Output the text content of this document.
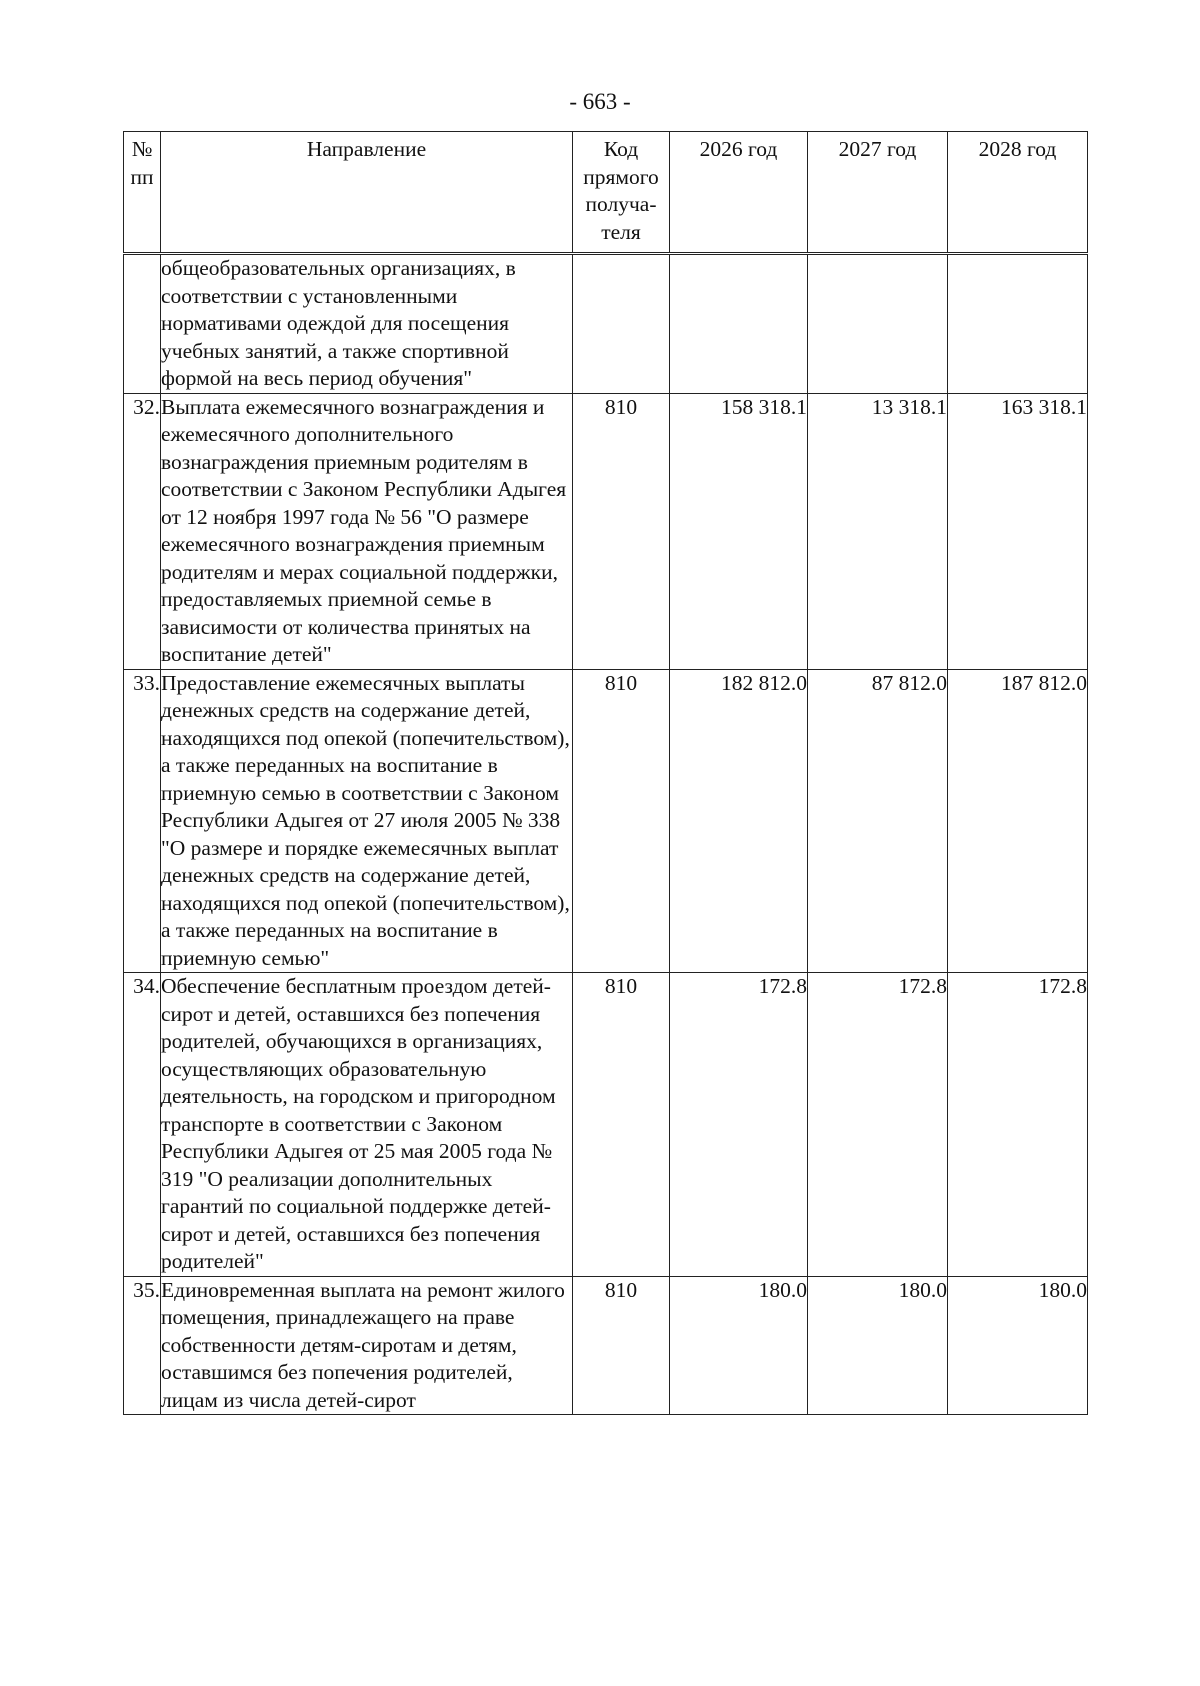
- 663 -
№ пп	Направление	Код прямого получа-теля	2026 год	2027 год	2028 год
	общеобразовательных организациях, в соответствии с установленными нормативами одеждой для посещения учебных занятий, а также спортивной формой на весь период обучения"				
32.	Выплата ежемесячного вознаграждения и ежемесячного дополнительного вознаграждения приемным родителям в соответствии с Законом Республики Адыгея от 12 ноября 1997 года № 56 "О размере ежемесячного вознаграждения приемным родителям и мерах социальной поддержки, предоставляемых приемной семье в зависимости от количества принятых на воспитание детей"	810	158 318.1	13 318.1	163 318.1
33.	Предоставление ежемесячных выплаты денежных средств на содержание детей, находящихся под опекой (попечительством), а также переданных на воспитание в приемную семью в соответствии с Законом Республики Адыгея от 27 июля 2005 № 338 "О размере и порядке ежемесячных выплат денежных средств на содержание детей, находящихся под опекой (попечительством), а также переданных на воспитание в приемную семью"	810	182 812.0	87 812.0	187 812.0
34.	Обеспечение бесплатным проездом детей-сирот и детей, оставшихся без попечения родителей, обучающихся в организациях, осуществляющих образовательную деятельность, на городском и пригородном транспорте в соответствии с Законом Республики Адыгея от 25 мая 2005 года № 319 "О реализации дополнительных гарантий по социальной поддержке детей-сирот и детей, оставшихся без попечения родителей"	810	172.8	172.8	172.8
35.	Единовременная выплата на ремонт жилого помещения, принадлежащего на праве собственности детям-сиротам и детям, оставшимся без попечения родителей, лицам из числа детей-сирот	810	180.0	180.0	180.0
